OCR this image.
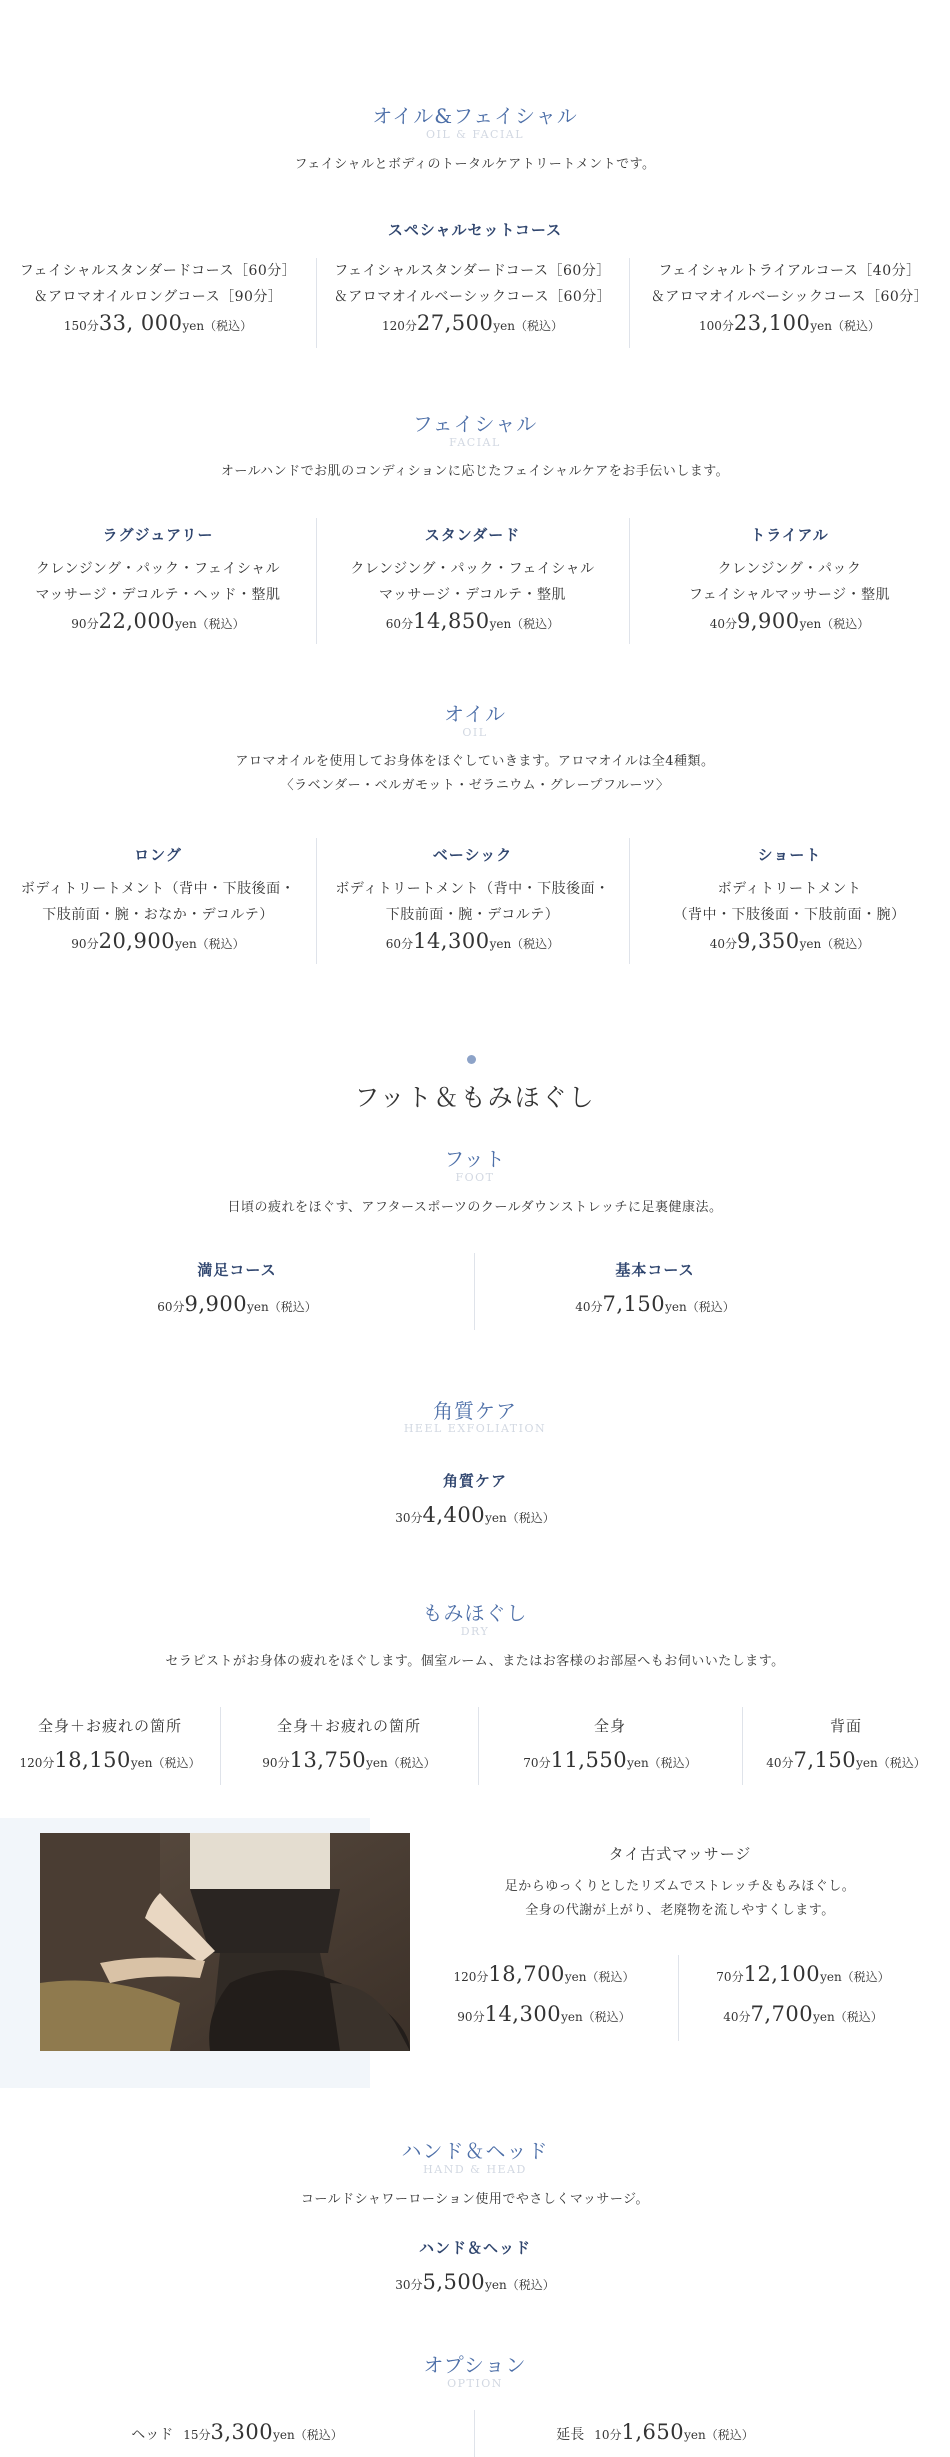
オイル&フェイシャル
OIL & FACIAL
フェイシャルとボディのトータルケアトリートメントです。
スペシャルセットコース
フェイシャルスタンダードコース［60分］
＆アロマオイルロングコース［90分］
150分33, 000yen（税込）
フェイシャルスタンダードコース［60分］
＆アロマオイルベーシックコース［60分］
120分27,500yen（税込）
フェイシャルトライアルコース［40分］
＆アロマオイルベーシックコース［60分］
100分23,100yen（税込）
フェイシャル
FACIAL
オールハンドでお肌のコンディションに応じたフェイシャルケアをお手伝いします。
ラグジュアリー
クレンジング・パック・フェイシャル
マッサージ・デコルテ・ヘッド・整肌
90分22,000yen（税込）
スタンダード
クレンジング・パック・フェイシャル
マッサージ・デコルテ・整肌
60分14,850yen（税込）
トライアル
クレンジング・パック
フェイシャルマッサージ・整肌
40分9,900yen（税込）
オイル
OIL
アロマオイルを使用してお身体をほぐしていきます。アロマオイルは全4種類。
〈ラベンダー・ベルガモット・ゼラニウム・グレープフルーツ〉
ロング
ボディトリートメント（背中・下肢後面・
下肢前面・腕・おなか・デコルテ）
90分20,900yen（税込）
ベーシック
ボディトリートメント（背中・下肢後面・
下肢前面・腕・デコルテ）
60分14,300yen（税込）
ショート
ボディトリートメント
（背中・下肢後面・下肢前面・腕）
40分9,350yen（税込）
フット＆もみほぐし
フット
FOOT
日頃の疲れをほぐす、アフタースポーツのクールダウンストレッチに足裏健康法。
満足コース
60分9,900yen（税込）
基本コース
40分7,150yen（税込）
角質ケア
HEEL EXFOLIATION
角質ケア
30分4,400yen（税込）
もみほぐし
DRY
セラピストがお身体の疲れをほぐします。個室ルーム、またはお客様のお部屋へもお伺いいたします。
全身＋お疲れの箇所
120分18,150yen（税込）
全身＋お疲れの箇所
90分13,750yen（税込）
全身
70分11,550yen（税込）
背面
40分7,150yen（税込）
タイ古式マッサージ
足からゆっくりとしたリズムでストレッチ＆もみほぐし。
全身の代謝が上がり、老廃物を流しやすくします。
120分18,700yen（税込）	70分12,100yen（税込）
90分14,300yen（税込）	40分7,700yen（税込）
ハンド＆ヘッド
HAND & HEAD
コールドシャワーローション使用でやさしくマッサージ。
ハンド＆ヘッド
30分5,500yen（税込）
オプション
OPTION
ヘッド 15分3,300yen（税込）	延長 10分1,650yen（税込）
